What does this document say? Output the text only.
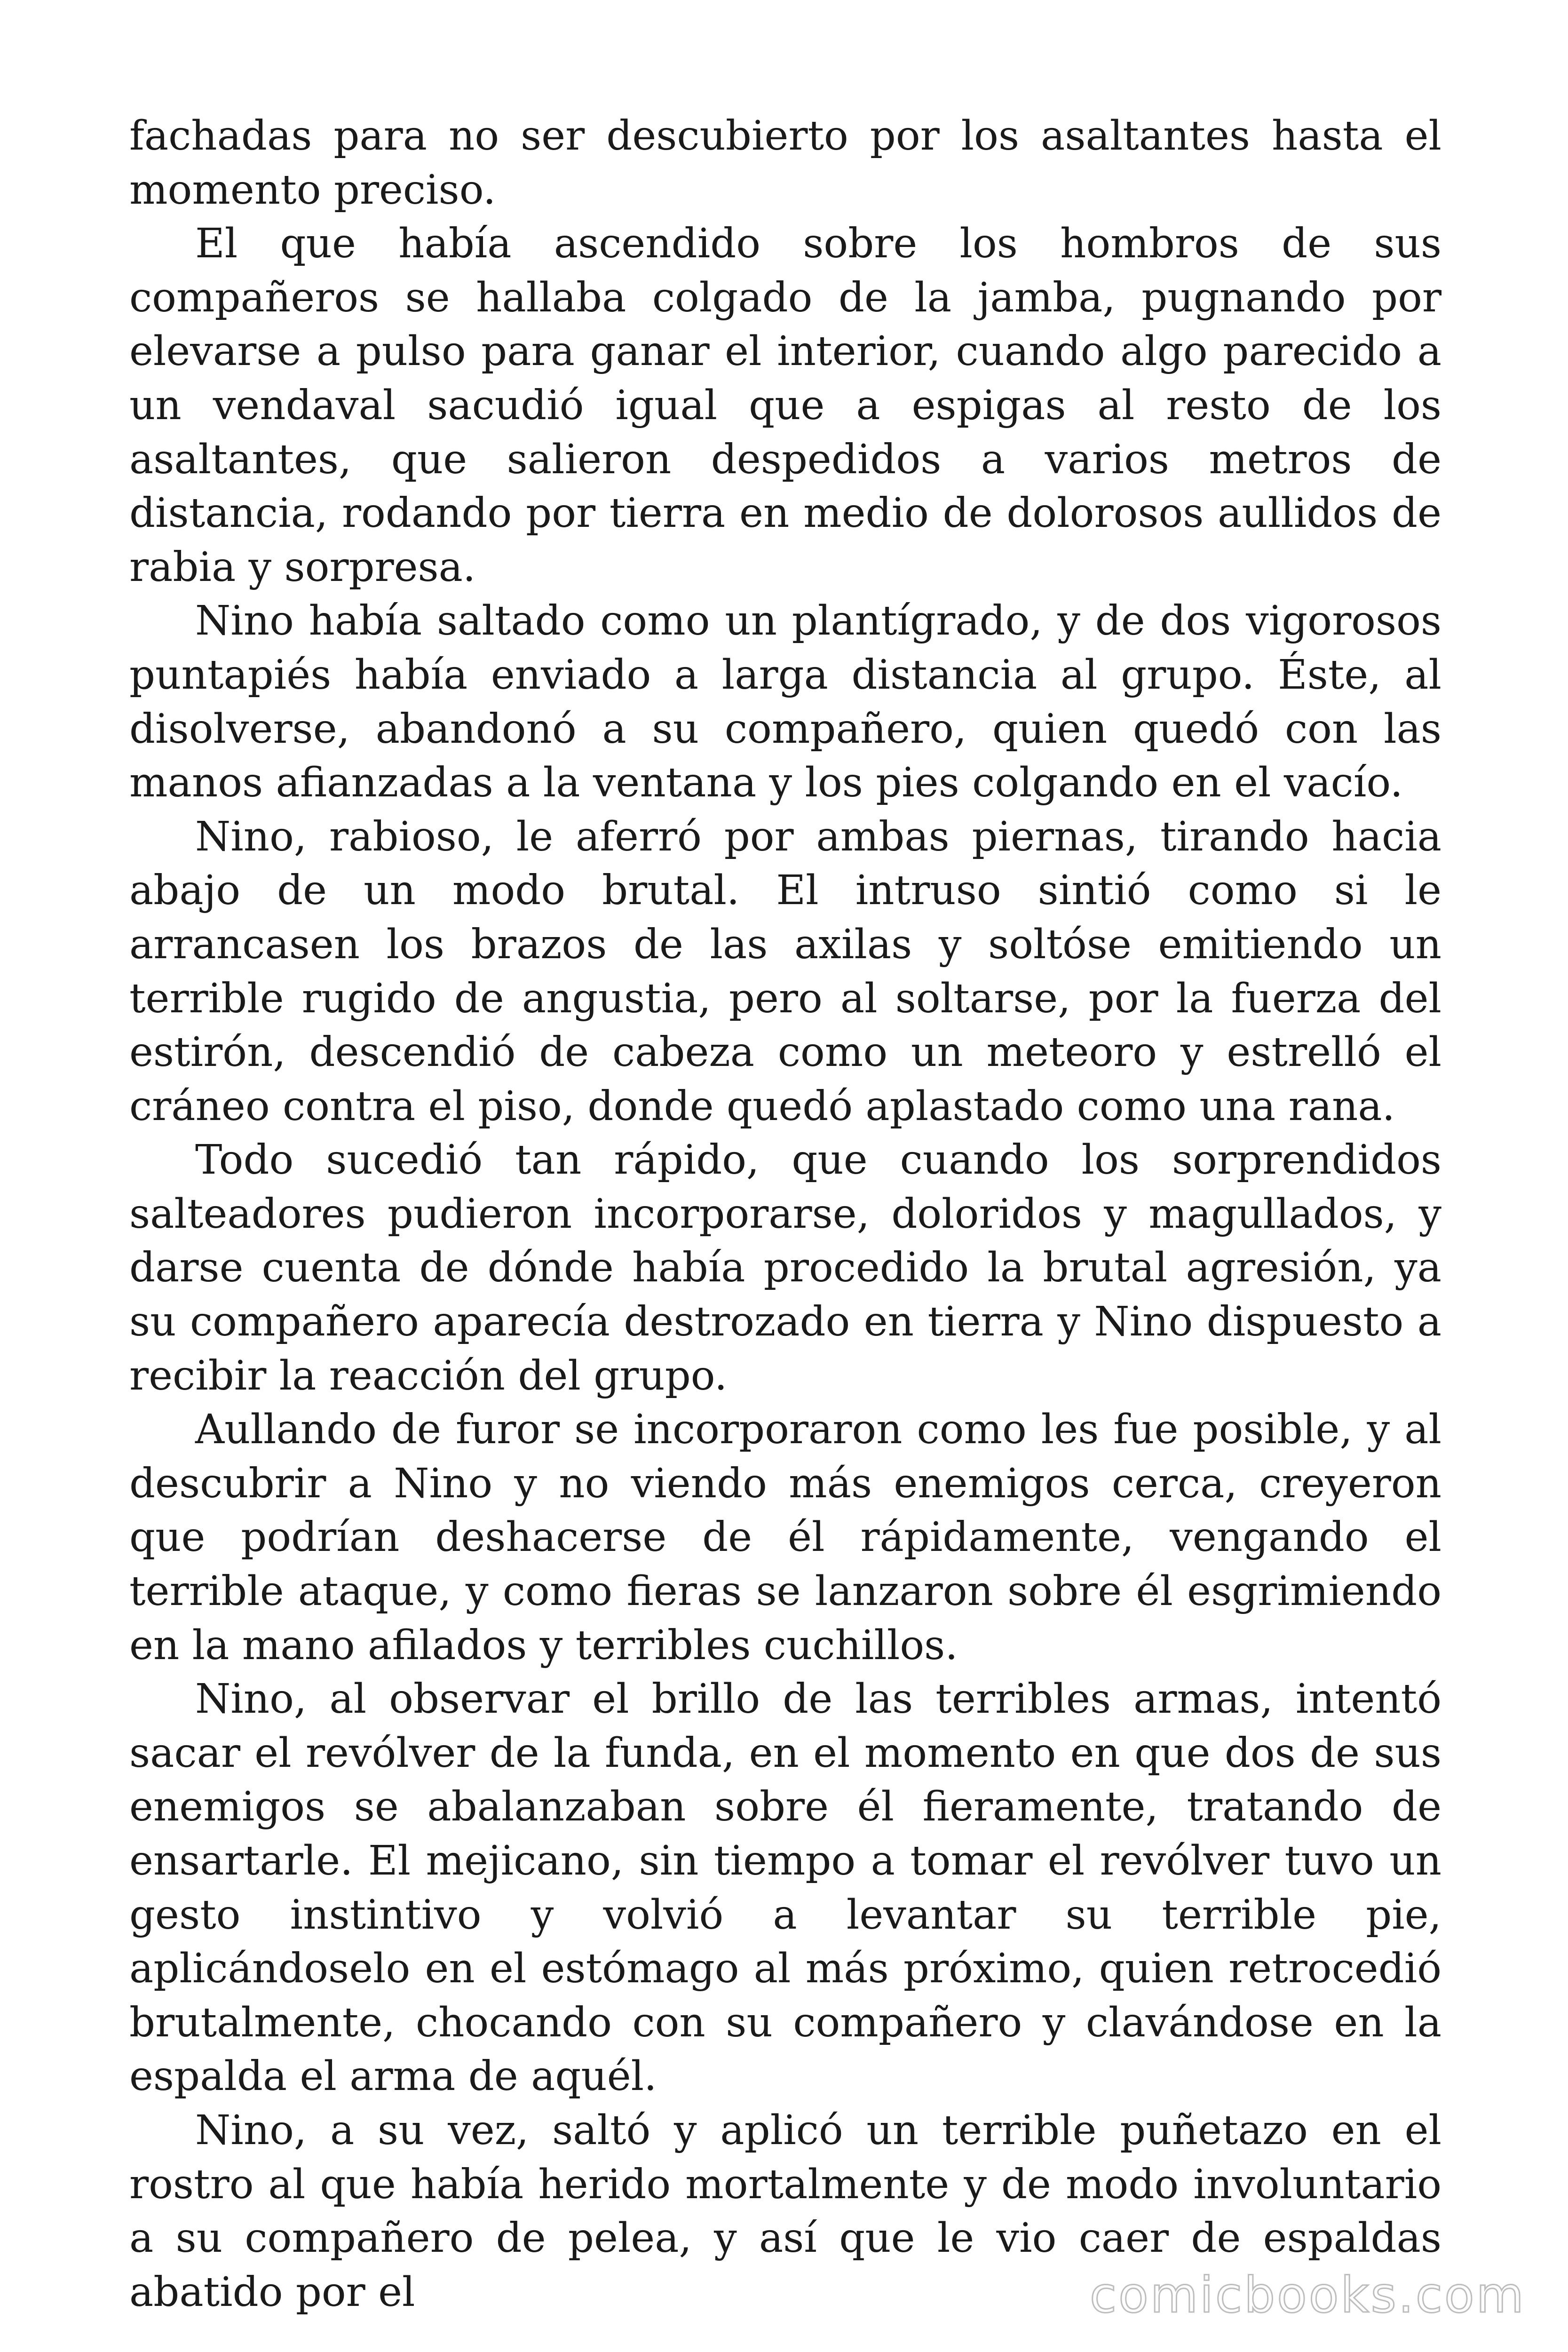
fachadas para no ser descubierto por los asaltantes hasta el momento preciso.

El que había ascendido sobre los hombros de sus compañeros se hallaba colgado de la jamba, pugnando por elevarse a pulso para ganar el interior, cuando algo parecido a un vendaval sacudió igual que a espigas al resto de los asaltantes, que salieron despedidos a varios metros de distancia, rodando por tierra en medio de dolorosos aullidos de rabia y sorpresa.

Nino había saltado como un plantígrado, y de dos vigorosos puntapiés había enviado a larga distancia al grupo. Éste, al disolverse, abandonó a su compañero, quien quedó con las manos afianzadas a la ventana y los pies colgando en el vacío.

Nino, rabioso, le aferró por ambas piernas, tirando hacia abajo de un modo brutal. El intruso sintió como si le arrancasen los brazos de las axilas y soltóse emitiendo un terrible rugido de angustia, pero al soltarse, por la fuerza del estirón, descendió de cabeza como un meteoro y estrelló el cráneo contra el piso, donde quedó aplastado como una rana.

Todo sucedió tan rápido, que cuando los sorprendidos salteadores pudieron incorporarse, doloridos y magullados, y darse cuenta de dónde había procedido la brutal agresión, ya su compañero aparecía destrozado en tierra y Nino dispuesto a recibir la reacción del grupo.

Aullando de furor se incorporaron como les fue posible, y al descubrir a Nino y no viendo más enemigos cerca, creyeron que podrían deshacerse de él rápidamente, vengando el terrible ataque, y como fieras se lanzaron sobre él esgrimiendo en la mano afilados y terribles cuchillos.

Nino, al observar el brillo de las terribles armas, intentó sacar el revólver de la funda, en el momento en que dos de sus enemigos se abalanzaban sobre él fieramente, tratando de ensartarle. El mejicano, sin tiempo a tomar el revólver tuvo un gesto instintivo y volvió a levantar su terrible pie, aplicándoselo en el estómago al más próximo, quien retrocedió brutalmente, chocando con su compañero y clavándose en la espalda el arma de aquél.

Nino, a su vez, saltó y aplicó un terrible puñetazo en el rostro al que había herido mortalmente y de modo involuntario a su compañero de pelea, y así que le vio caer de espaldas abatido por el	comicbooks.com
